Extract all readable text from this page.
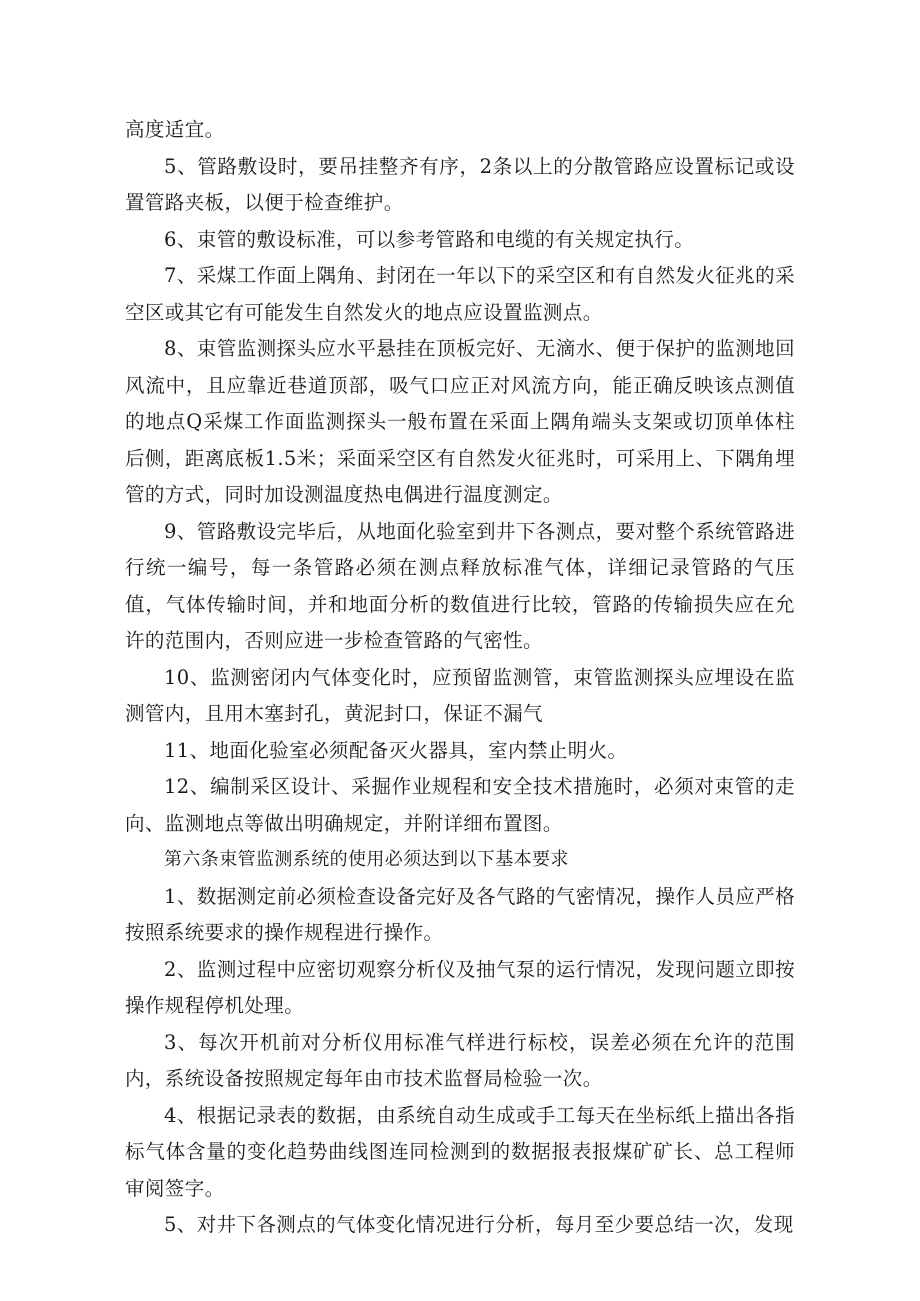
高度适宜。

5、管路敷设时，要吊挂整齐有序，2条以上的分散管路应设置标记或设置管路夹板，以便于检查维护。

6、束管的敷设标准，可以参考管路和电缆的有关规定执行。

7、采煤工作面上隅角、封闭在一年以下的采空区和有自然发火征兆的采空区或其它有可能发生自然发火的地点应设置监测点。

8、束管监测探头应水平悬挂在顶板完好、无滴水、便于保护的监测地回风流中，且应靠近巷道顶部，吸气口应正对风流方向，能正确反映该点测值的地点Q采煤工作面监测探头一般布置在采面上隅角端头支架或切顶单体柱后侧，距离底板1.5米；采面采空区有自然发火征兆时，可采用上、下隅角埋管的方式，同时加设测温度热电偶进行温度测定。

9、管路敷设完毕后，从地面化验室到井下各测点，要对整个系统管路进行统一编号，每一条管路必须在测点释放标准气体，详细记录管路的气压值，气体传输时间，并和地面分析的数值进行比较，管路的传输损失应在允许的范围内，否则应进一步检查管路的气密性。

10、监测密闭内气体变化时，应预留监测管，束管监测探头应埋设在监测管内，且用木塞封孔，黄泥封口，保证不漏气

11、地面化验室必须配备灭火器具，室内禁止明火。

12、编制采区设计、采掘作业规程和安全技术措施时，必须对束管的走向、监测地点等做出明确规定，并附详细布置图。

第六条束管监测系统的使用必须达到以下基本要求

1、数据测定前必须检查设备完好及各气路的气密情况，操作人员应严格按照系统要求的操作规程进行操作。

2、监测过程中应密切观察分析仪及抽气泵的运行情况，发现问题立即按操作规程停机处理。

3、每次开机前对分析仪用标准气样进行标校，误差必须在允许的范围内，系统设备按照规定每年由市技术监督局检验一次。

4、根据记录表的数据，由系统自动生成或手工每天在坐标纸上描出各指标气体含量的变化趋势曲线图连同检测到的数据报表报煤矿矿长、总工程师审阅签字。

5、对井下各测点的气体变化情况进行分析，每月至少要总结一次，发现
